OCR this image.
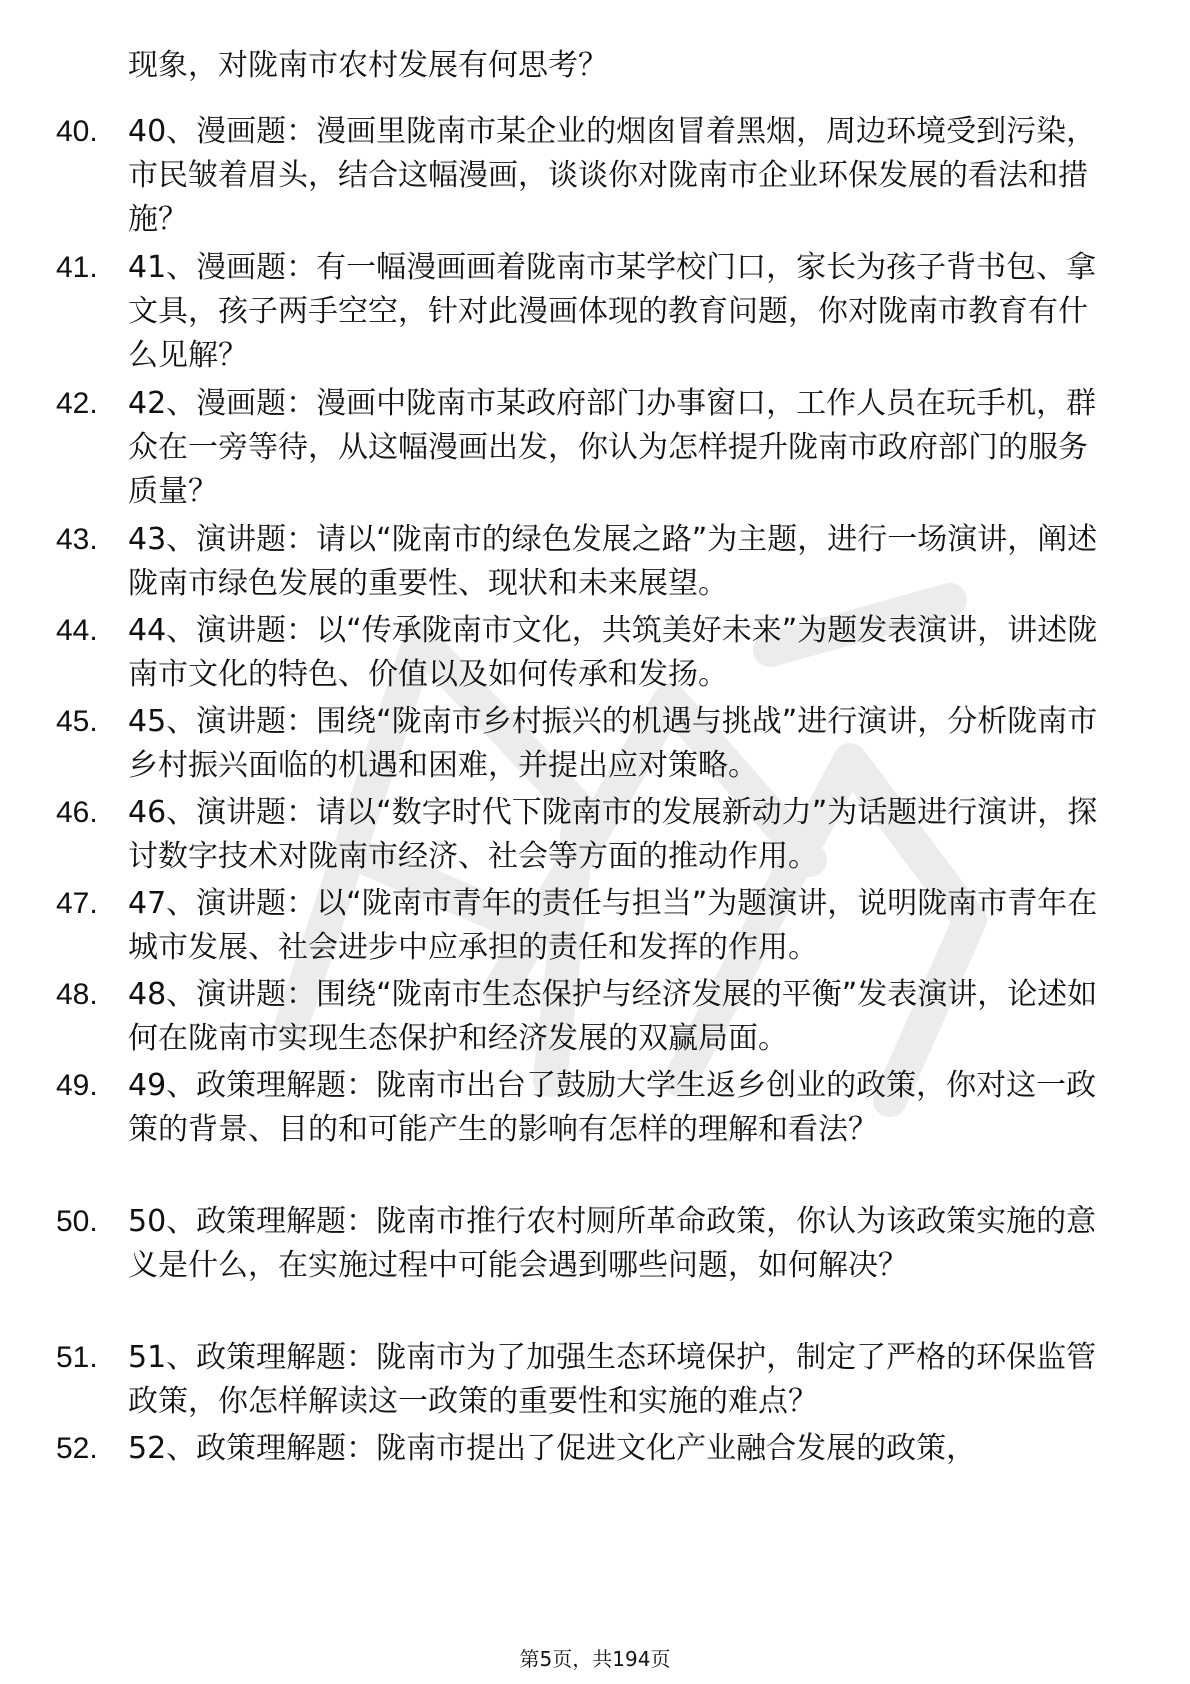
现象，对陇南市农村发展有何思考？
40.	40、漫画题：漫画里陇南市某企业的烟囱冒着黑烟，周边环境受到污染，市民皱着眉头，结合这幅漫画，谈谈你对陇南市企业环保发展的看法和措施？
41.	41、漫画题：有一幅漫画画着陇南市某学校门口，家长为孩子背书包、拿文具，孩子两手空空，针对此漫画体现的教育问题，你对陇南市教育有什么见解？
42.	42、漫画题：漫画中陇南市某政府部门办事窗口，工作人员在玩手机，群众在一旁等待，从这幅漫画出发，你认为怎样提升陇南市政府部门的服务质量？
43.	43、演讲题：请以“陇南市的绿色发展之路”为主题，进行一场演讲，阐述陇南市绿色发展的重要性、现状和未来展望。
44.	44、演讲题：以“传承陇南市文化，共筑美好未来”为题发表演讲，讲述陇南市文化的特色、价值以及如何传承和发扬。
45.	45、演讲题：围绕“陇南市乡村振兴的机遇与挑战”进行演讲，分析陇南市乡村振兴面临的机遇和困难，并提出应对策略。
46.	46、演讲题：请以“数字时代下陇南市的发展新动力”为话题进行演讲，探讨数字技术对陇南市经济、社会等方面的推动作用。
47.	47、演讲题：以“陇南市青年的责任与担当”为题演讲，说明陇南市青年在城市发展、社会进步中应承担的责任和发挥的作用。
48.	48、演讲题：围绕“陇南市生态保护与经济发展的平衡”发表演讲，论述如何在陇南市实现生态保护和经济发展的双赢局面。
49.	49、政策理解题：陇南市出台了鼓励大学生返乡创业的政策，你对这一政策的背景、目的和可能产生的影响有怎样的理解和看法？
50.	50、政策理解题：陇南市推行农村厕所革命政策，你认为该政策实施的意义是什么，在实施过程中可能会遇到哪些问题，如何解决？
51.	51、政策理解题：陇南市为了加强生态环境保护，制定了严格的环保监管政策，你怎样解读这一政策的重要性和实施的难点？
52.	52、政策理解题：陇南市提出了促进文化产业融合发展的政策，
第5页，共194页
